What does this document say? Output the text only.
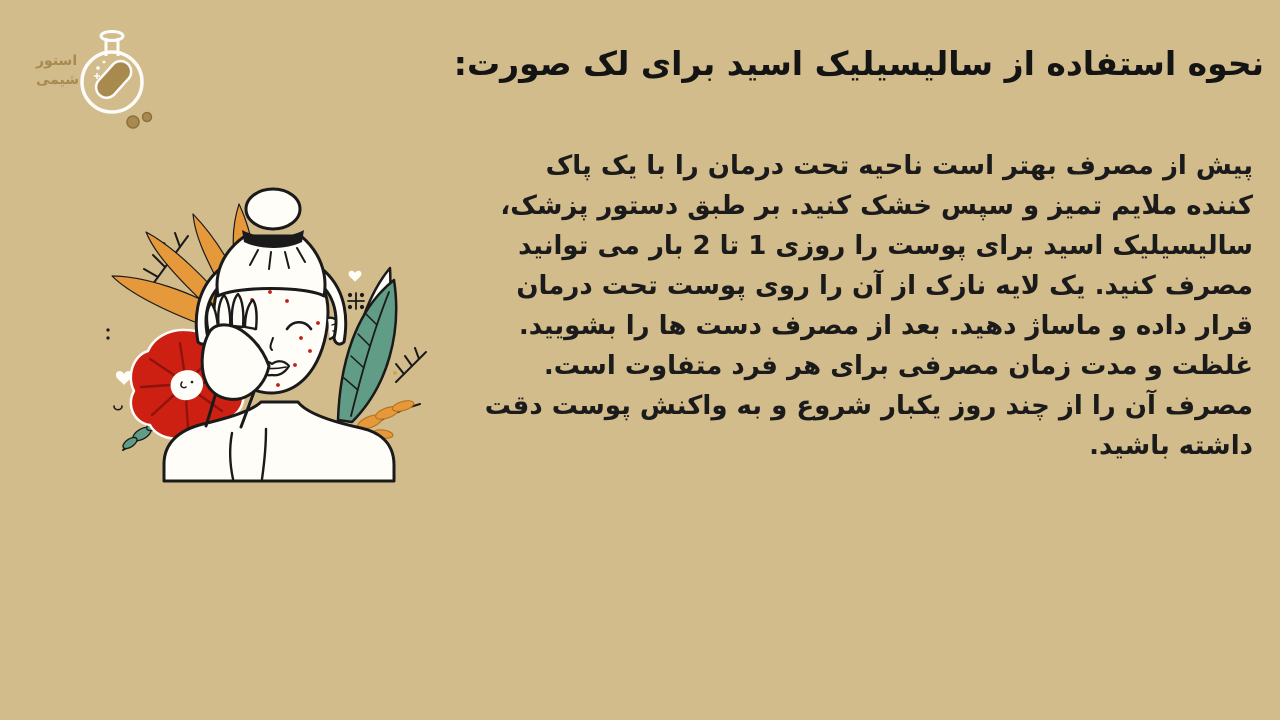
استور
شیمی	نحوه استفاده از سالیسیلیک اسید برای لک صورت:
پیش از مصرف بهتر است ناحیه تحت درمان را با یک پاک
کننده ملایم تمیز و سپس خشک کنید. بر طبق دستور پزشک،
سالیسیلیک اسید برای پوست را روزی 1 تا 2 بار می توانید
مصرف کنید. یک لایه نازک از آن را روی پوست تحت درمان
قرار داده و ماساژ دهید. بعد از مصرف دست ها را بشویید.
غلظت و مدت زمان مصرفی برای هر فرد متفاوت است.
مصرف آن را از چند روز یکبار شروع و به واکنش پوست دقت
داشته باشید.
